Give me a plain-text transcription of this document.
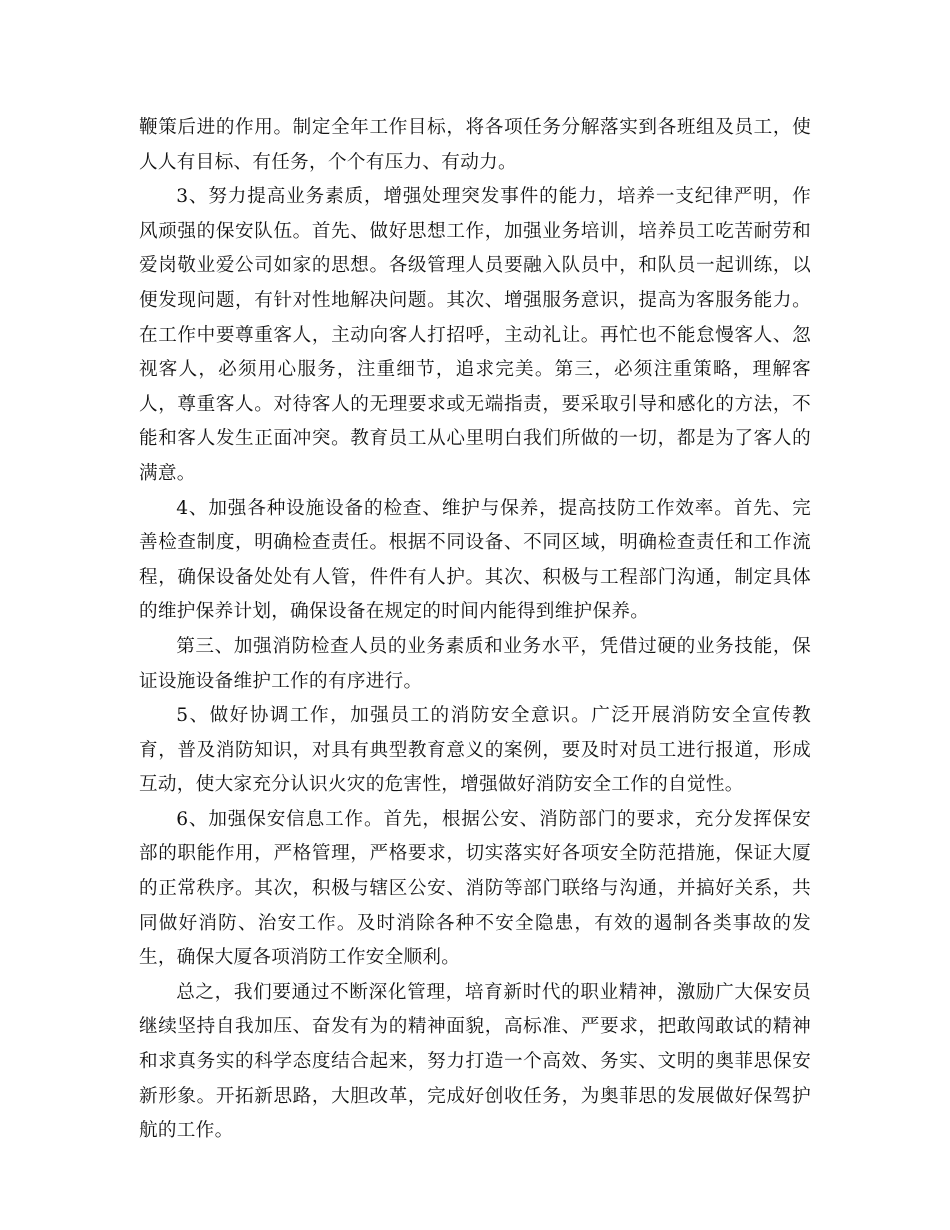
鞭策后进的作用。制定全年工作目标，将各项任务分解落实到各班组及员工，使人人有目标、有任务，个个有压力、有动力。

3、努力提高业务素质，增强处理突发事件的能力，培养一支纪律严明，作风顽强的保安队伍。首先、做好思想工作，加强业务培训，培养员工吃苦耐劳和爱岗敬业爱公司如家的思想。各级管理人员要融入队员中，和队员一起训练，以便发现问题，有针对性地解决问题。其次、增强服务意识，提高为客服务能力。在工作中要尊重客人，主动向客人打招呼，主动礼让。再忙也不能怠慢客人、忽视客人，必须用心服务，注重细节，追求完美。第三，必须注重策略，理解客人，尊重客人。对待客人的无理要求或无端指责，要采取引导和感化的方法，不能和客人发生正面冲突。教育员工从心里明白我们所做的一切，都是为了客人的满意。

4、加强各种设施设备的检查、维护与保养，提高技防工作效率。首先、完善检查制度，明确检查责任。根据不同设备、不同区域，明确检查责任和工作流程，确保设备处处有人管，件件有人护。其次、积极与工程部门沟通，制定具体的维护保养计划，确保设备在规定的时间内能得到维护保养。

第三、加强消防检查人员的业务素质和业务水平，凭借过硬的业务技能，保证设施设备维护工作的有序进行。

5、做好协调工作，加强员工的消防安全意识。广泛开展消防安全宣传教育，普及消防知识，对具有典型教育意义的案例，要及时对员工进行报道，形成互动，使大家充分认识火灾的危害性，增强做好消防安全工作的自觉性。

6、加强保安信息工作。首先，根据公安、消防部门的要求，充分发挥保安部的职能作用，严格管理，严格要求，切实落实好各项安全防范措施，保证大厦的正常秩序。其次，积极与辖区公安、消防等部门联络与沟通，并搞好关系，共同做好消防、治安工作。及时消除各种不安全隐患，有效的遏制各类事故的发生，确保大厦各项消防工作安全顺利。

总之，我们要通过不断深化管理，培育新时代的职业精神，激励广大保安员继续坚持自我加压、奋发有为的精神面貌，高标准、严要求，把敢闯敢试的精神和求真务实的科学态度结合起来，努力打造一个高效、务实、文明的奥菲思保安新形象。开拓新思路，大胆改革，完成好创收任务，为奥菲思的发展做好保驾护航的工作。
